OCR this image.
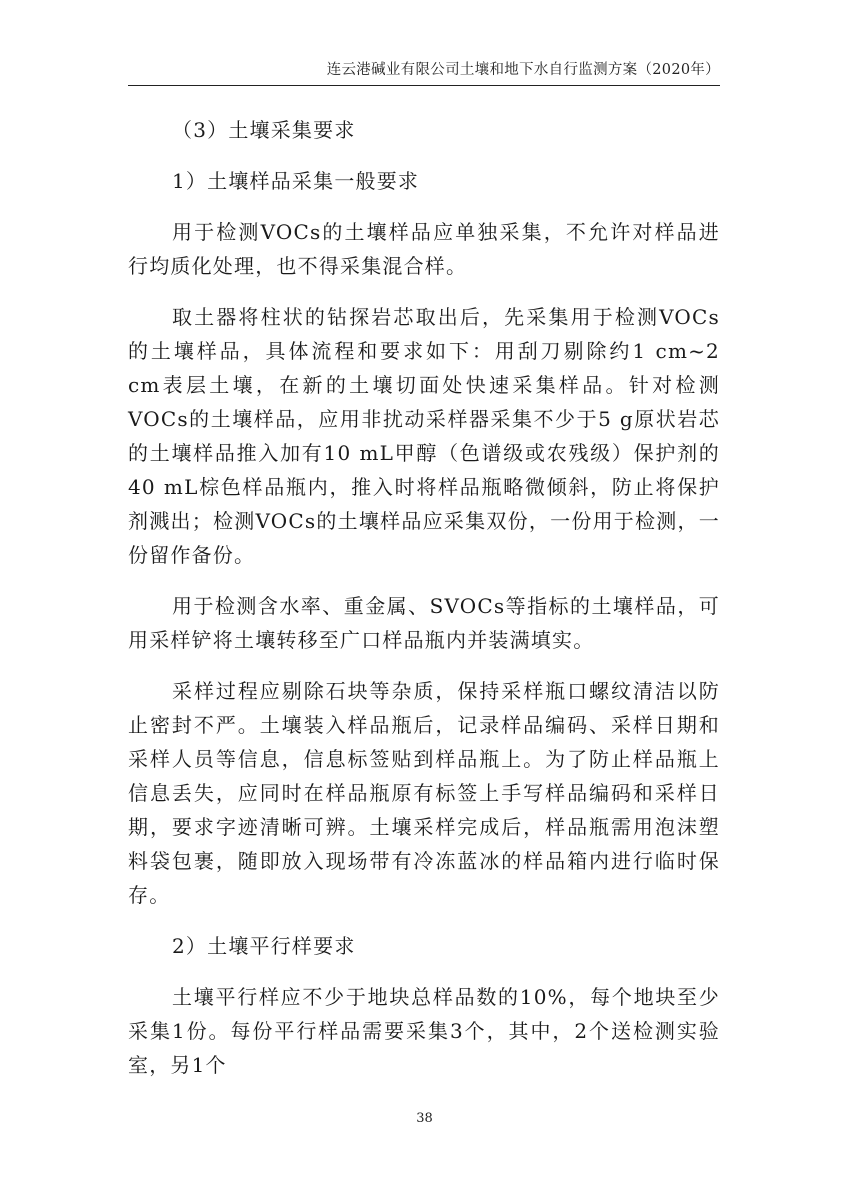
连云港碱业有限公司土壤和地下水自行监测方案（2020年）

（3）土壤采集要求

1）土壤样品采集一般要求

用于检测VOCs的土壤样品应单独采集，不允许对样品进行均质化处理，也不得采集混合样。

取土器将柱状的钻探岩芯取出后，先采集用于检测VOCs的土壤样品，具体流程和要求如下：用刮刀剔除约1 cm~2 cm表层土壤，在新的土壤切面处快速采集样品。针对检测VOCs的土壤样品，应用非扰动采样器采集不少于5 g原状岩芯的土壤样品推入加有10 mL甲醇（色谱级或农残级）保护剂的40 mL棕色样品瓶内，推入时将样品瓶略微倾斜，防止将保护剂溅出；检测VOCs的土壤样品应采集双份，一份用于检测，一份留作备份。

用于检测含水率、重金属、SVOCs等指标的土壤样品，可用采样铲将土壤转移至广口样品瓶内并装满填实。

采样过程应剔除石块等杂质，保持采样瓶口螺纹清洁以防止密封不严。土壤装入样品瓶后，记录样品编码、采样日期和采样人员等信息，信息标签贴到样品瓶上。为了防止样品瓶上信息丢失，应同时在样品瓶原有标签上手写样品编码和采样日期，要求字迹清晰可辨。土壤采样完成后，样品瓶需用泡沫塑料袋包裹，随即放入现场带有冷冻蓝冰的样品箱内进行临时保存。

2）土壤平行样要求

土壤平行样应不少于地块总样品数的10%，每个地块至少采集1份。每份平行样品需要采集3个，其中，2个送检测实验室，另1个

38
